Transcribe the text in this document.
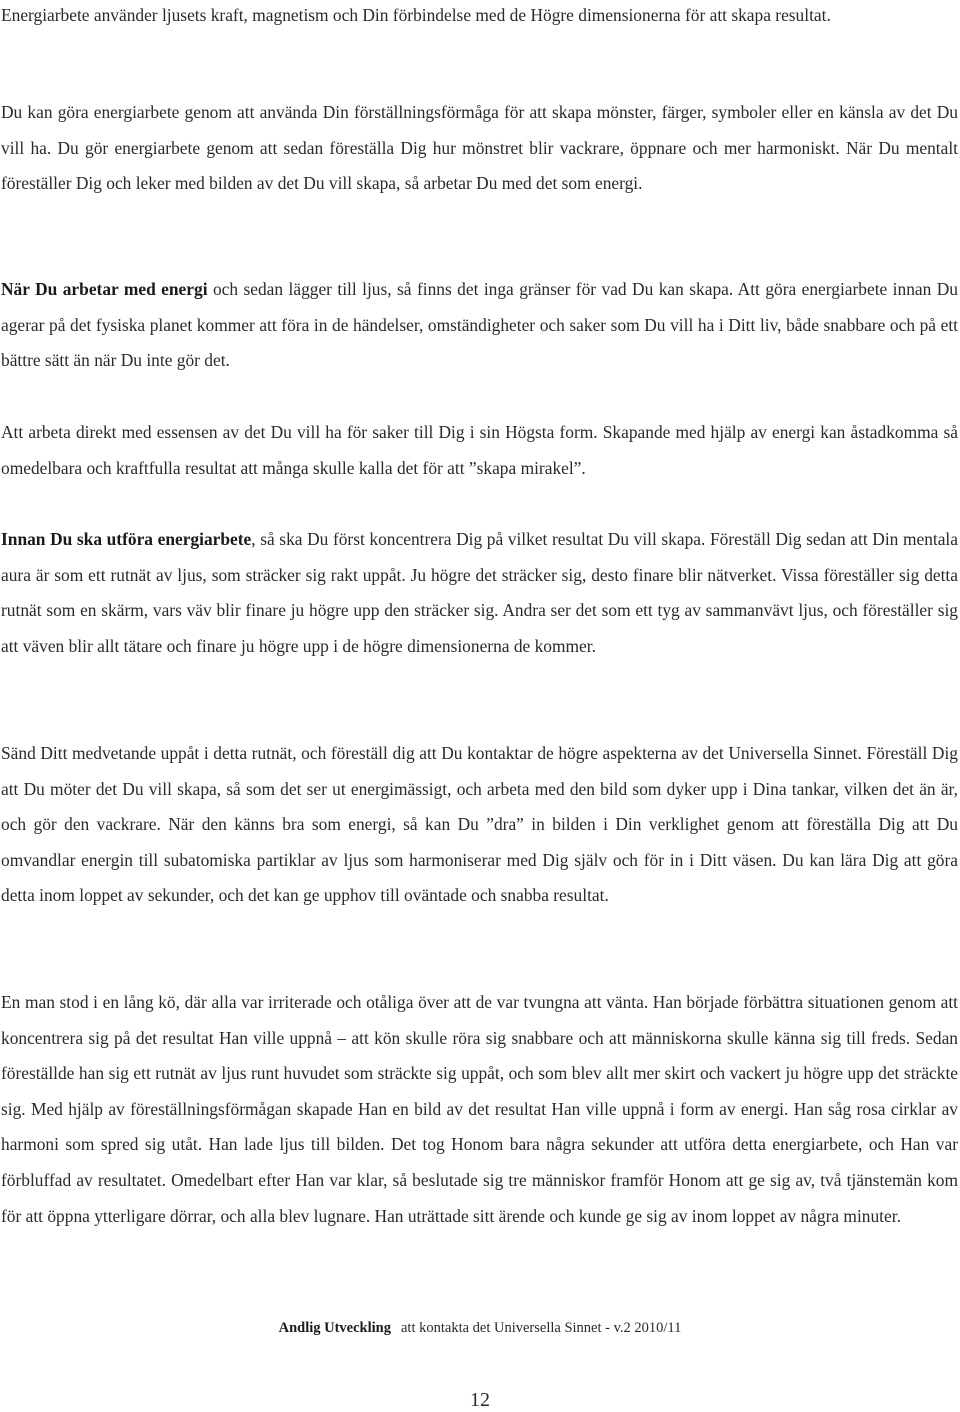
Energiarbete använder ljusets kraft, magnetism och Din förbindelse med de Högre dimensionerna för att skapa resultat.

Du kan göra energiarbete genom att använda Din förställningsförmåga för att skapa mönster, färger, symboler eller en känsla av det Du vill ha. Du gör energiarbete genom att sedan föreställa Dig hur mönstret blir vackrare, öppnare och mer harmoniskt. När Du mentalt föreställer Dig och leker med bilden av det Du vill skapa, så arbetar Du med det som energi.

När Du arbetar med energi och sedan lägger till ljus, så finns det inga gränser för vad Du kan skapa. Att göra energiarbete innan Du agerar på det fysiska planet kommer att föra in de händelser, omständigheter och saker som Du vill ha i Ditt liv, både snabbare och på ett bättre sätt än när Du inte gör det.

Att arbeta direkt med essensen av det Du vill ha för saker till Dig i sin Högsta form. Skapande med hjälp av energi kan åstadkomma så omedelbara och kraftfulla resultat att många skulle kalla det för att ”skapa mirakel”.

Innan Du ska utföra energiarbete, så ska Du först koncentrera Dig på vilket resultat Du vill skapa. Föreställ Dig sedan att Din mentala aura är som ett rutnät av ljus, som sträcker sig rakt uppåt. Ju högre det sträcker sig, desto finare blir nätverket. Vissa föreställer sig detta rutnät som en skärm, vars väv blir finare ju högre upp den sträcker sig. Andra ser det som ett tyg av sammanvävt ljus, och föreställer sig att väven blir allt tätare och finare ju högre upp i de högre dimensionerna de kommer.

Sänd Ditt medvetande uppåt i detta rutnät, och föreställ dig att Du kontaktar de högre aspekterna av det Universella Sinnet. Föreställ Dig att Du möter det Du vill skapa, så som det ser ut energimässigt, och arbeta med den bild som dyker upp i Dina tankar, vilken det än är, och gör den vackrare. När den känns bra som energi, så kan Du ”dra” in bilden i Din verklighet genom att föreställa Dig att Du omvandlar energin till subatomiska partiklar av ljus som harmoniserar med Dig själv och för in i Ditt väsen. Du kan lära Dig att göra detta inom loppet av sekunder, och det kan ge upphov till oväntade och snabba resultat.

En man stod i en lång kö, där alla var irriterade och otåliga över att de var tvungna att vänta. Han började förbättra situationen genom att koncentrera sig på det resultat Han ville uppnå – att kön skulle röra sig snabbare och att människorna skulle känna sig till freds. Sedan föreställde han sig ett rutnät av ljus runt huvudet som sträckte sig uppåt, och som blev allt mer skirt och vackert ju högre upp det sträckte sig. Med hjälp av föreställningsförmågan skapade Han en bild av det resultat Han ville uppnå i form av energi. Han såg rosa cirklar av harmoni som spred sig utåt. Han lade ljus till bilden. Det tog Honom bara några sekunder att utföra detta energiarbete, och Han var förbluffad av resultatet. Omedelbart efter Han var klar, så beslutade sig tre människor framför Honom att ge sig av, två tjänstemän kom för att öppna ytterligare dörrar, och alla blev lugnare. Han uträttade sitt ärende och kunde ge sig av inom loppet av några minuter.

Andlig Utveckling att kontakta det Universella Sinnet - v.2 2010/11
12
